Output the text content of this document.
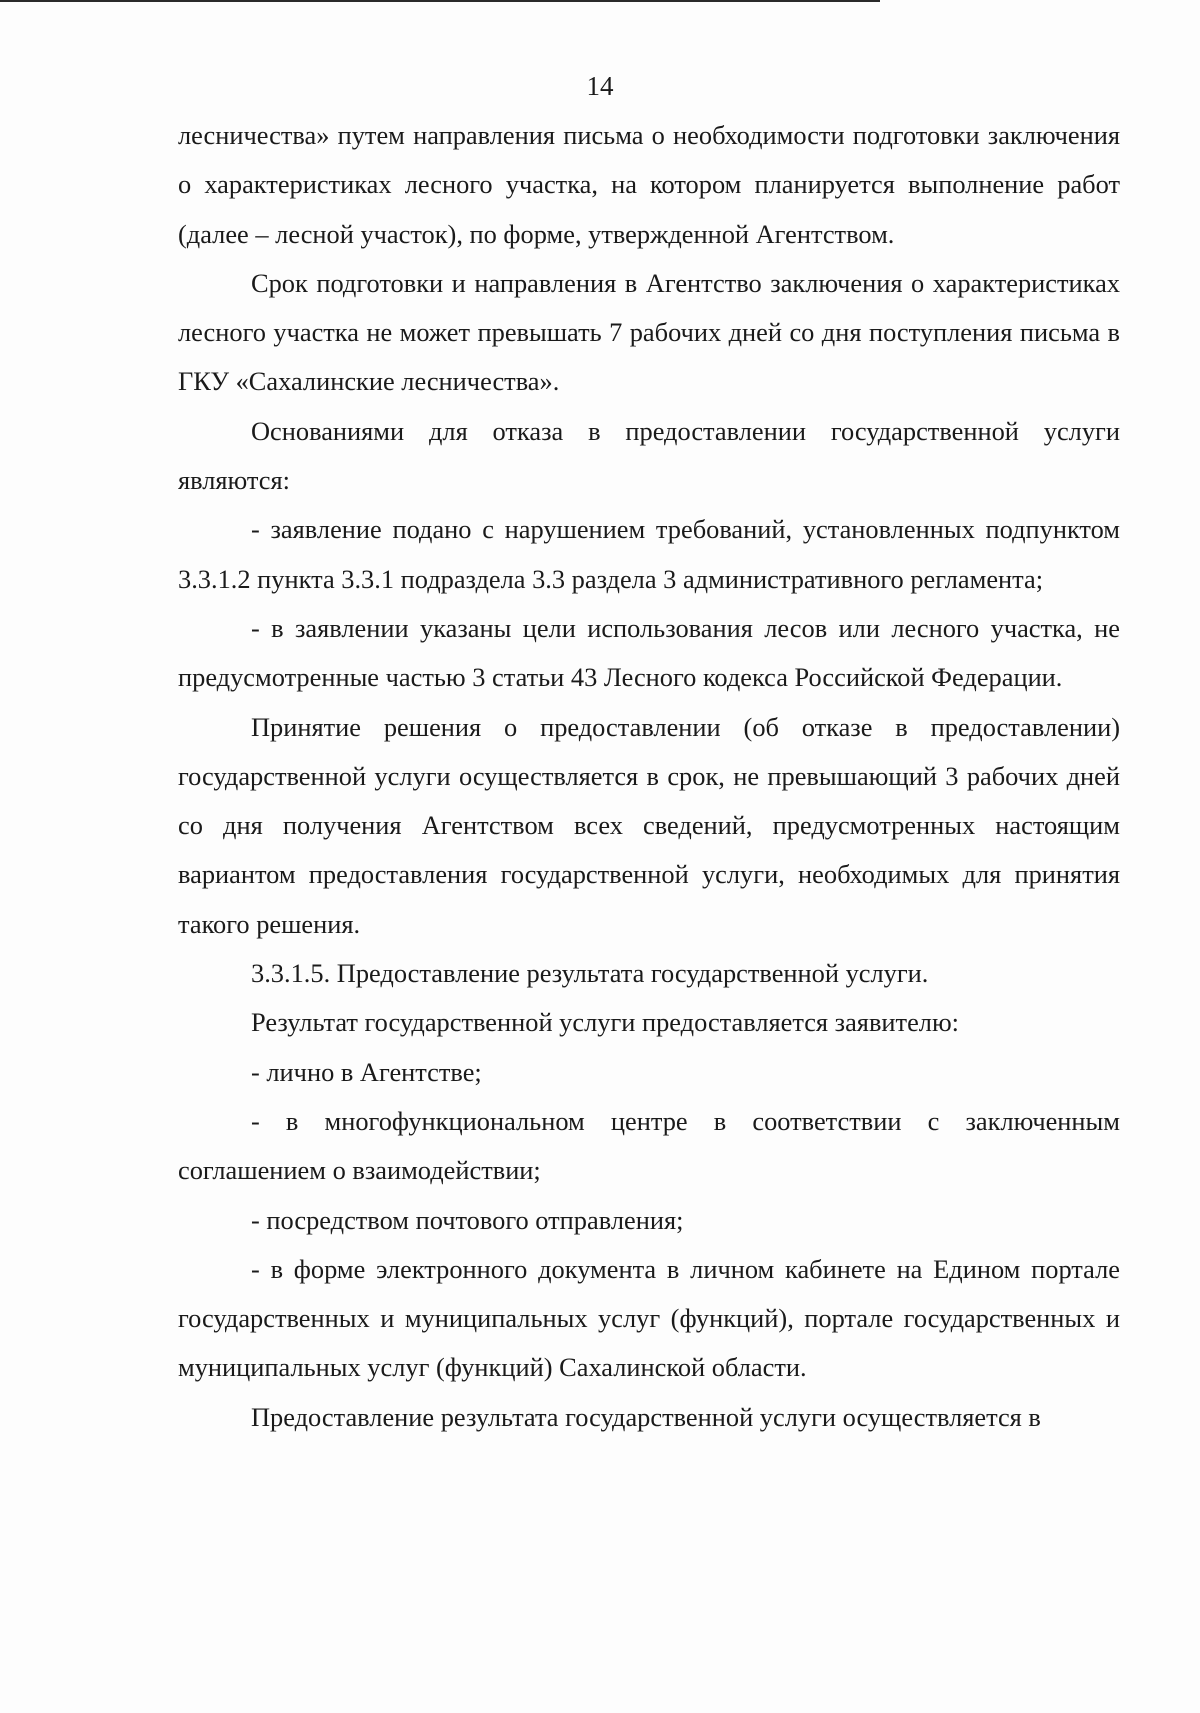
14

лесничества» путем направления письма о необходимости подготовки заключения о характеристиках лесного участка, на котором планируется выполнение работ (далее – лесной участок), по форме, утвержденной Агентством.

Срок подготовки и направления в Агентство заключения о характеристиках лесного участка не может превышать 7 рабочих дней со дня поступления письма в ГКУ «Сахалинские лесничества».

Основаниями для отказа в предоставлении государственной услуги являются:

- заявление подано с нарушением требований, установленных подпунктом 3.3.1.2 пункта 3.3.1 подраздела 3.3 раздела 3 административного регламента;

- в заявлении указаны цели использования лесов или лесного участка, не предусмотренные частью 3 статьи 43 Лесного кодекса Российской Федерации.

Принятие решения о предоставлении (об отказе в предоставлении) государственной услуги осуществляется в срок, не превышающий 3 рабочих дней со дня получения Агентством всех сведений, предусмотренных настоящим вариантом предоставления государственной услуги, необходимых для принятия такого решения.

3.3.1.5. Предоставление результата государственной услуги.

Результат государственной услуги предоставляется заявителю:

- лично в Агентстве;

- в многофункциональном центре в соответствии с заключенным соглашением о взаимодействии;

- посредством почтового отправления;

- в форме электронного документа в личном кабинете на Едином портале государственных и муниципальных услуг (функций), портале государственных и муниципальных услуг (функций) Сахалинской области.

Предоставление результата государственной услуги осуществляется в
